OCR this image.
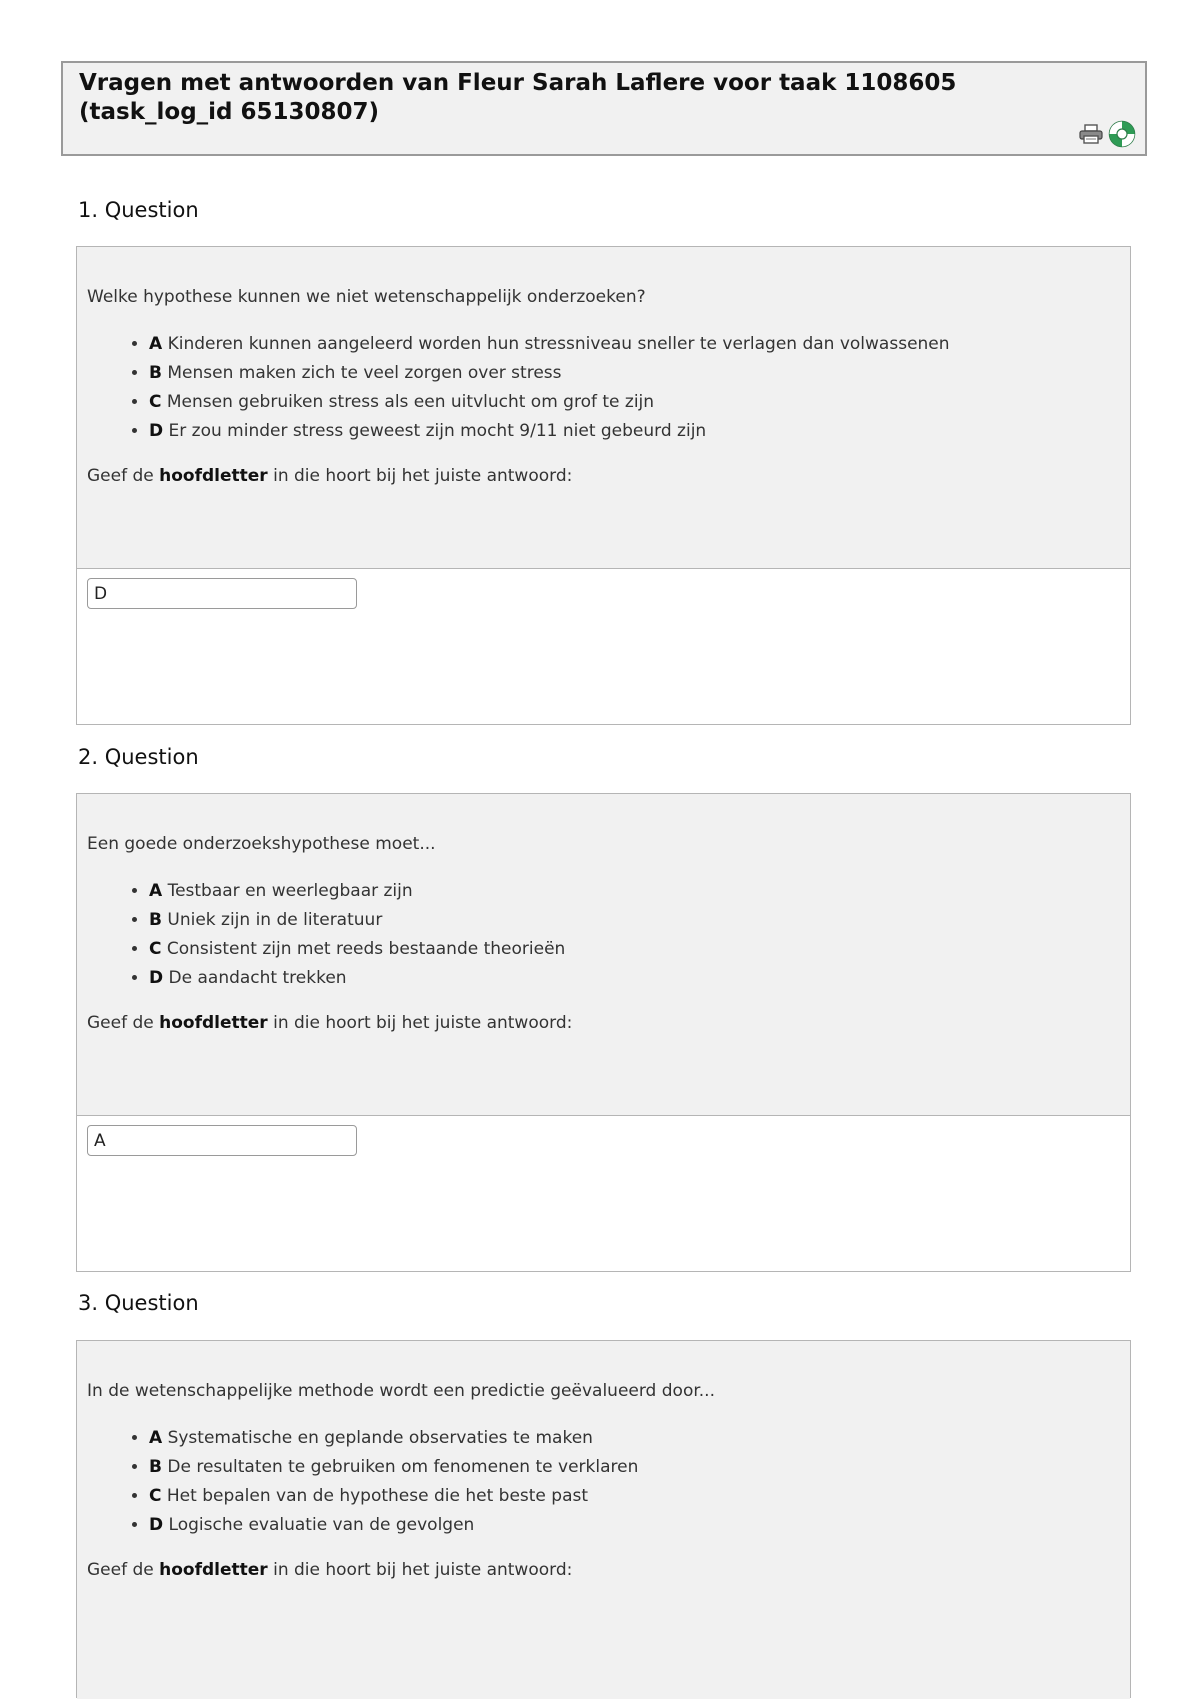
Vragen met antwoorden van Fleur Sarah Laflere voor taak 1108605
(task_log_id 65130807)
1. Question

Welke hypothese kunnen we niet wetenschappelijk onderzoeken?

• A Kinderen kunnen aangeleerd worden hun stressniveau sneller te verlagen dan volwassenen
• B Mensen maken zich te veel zorgen over stress
• C Mensen gebruiken stress als een uitvlucht om grof te zijn
• D Er zou minder stress geweest zijn mocht 9/11 niet gebeurd zijn

Geef de hoofdletter in die hoort bij het juiste antwoord:

D
2. Question

Een goede onderzoekshypothese moet...

• A Testbaar en weerlegbaar zijn
• B Uniek zijn in de literatuur
• C Consistent zijn met reeds bestaande theorieën
• D De aandacht trekken

Geef de hoofdletter in die hoort bij het juiste antwoord:

A
3. Question

In de wetenschappelijke methode wordt een predictie geëvalueerd door...

• A Systematische en geplande observaties te maken
• B De resultaten te gebruiken om fenomenen te verklaren
• C Het bepalen van de hypothese die het beste past
• D Logische evaluatie van de gevolgen

Geef de hoofdletter in die hoort bij het juiste antwoord:
